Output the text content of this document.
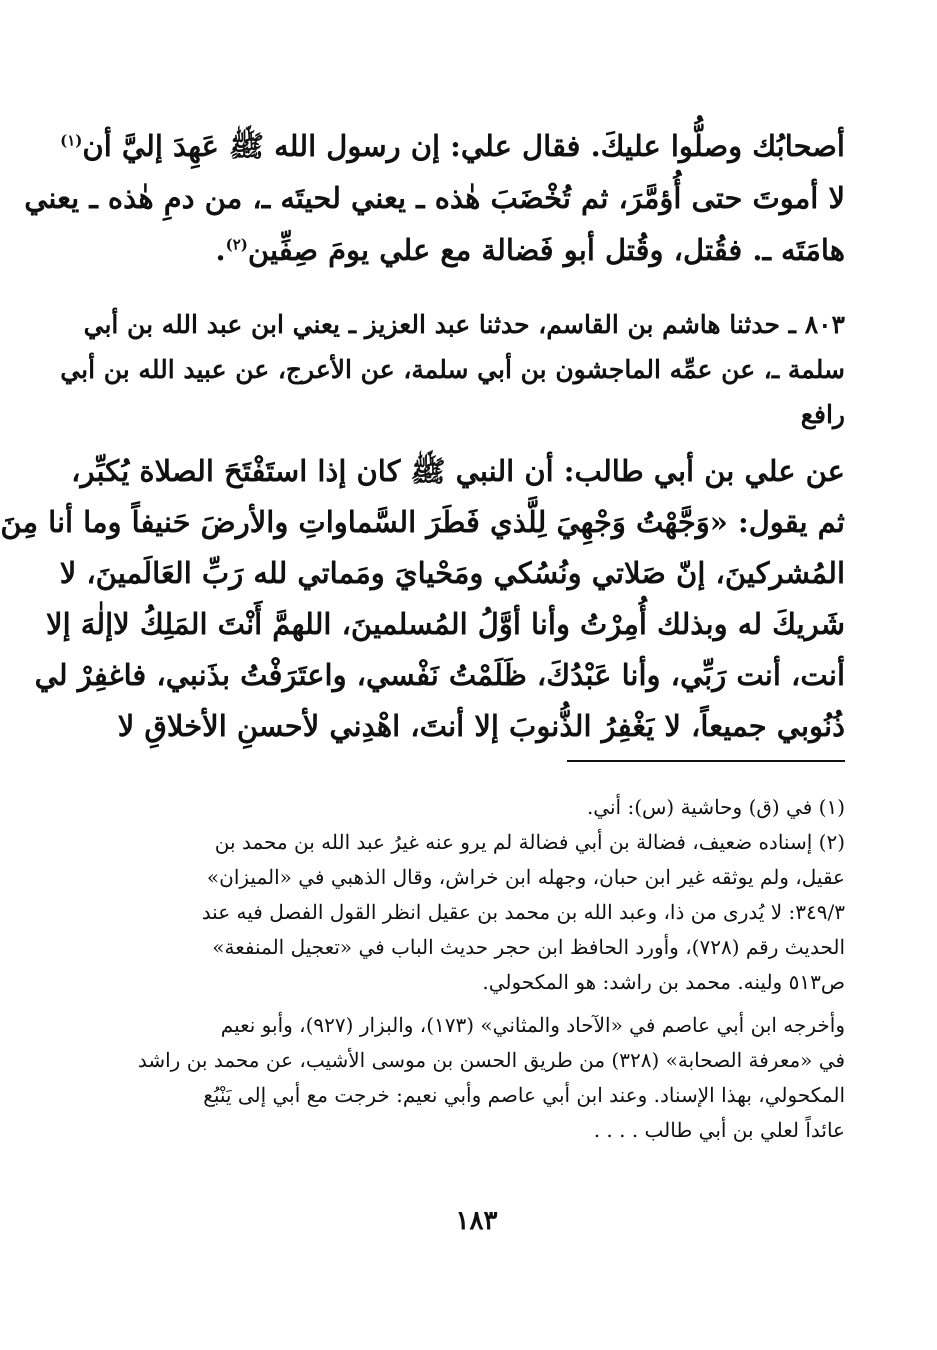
أصحابُك وصلُّوا عليكَ. فقال علي: إن رسول الله ﷺ عَهِدَ إليَّ أن$^{(١)}$
لا أموتَ حتى أُؤمَّرَ، ثم تُخْضَبَ هٰذه ـ يعني لحيتَه ـ، من دمِ هٰذه ـ يعني
هامَتَه ـ. فقُتل، وقُتل أبو فَضالة مع علي يومَ صِفِّين$^{(٢)}$.
٨٠٣ ـ حدثنا هاشم بن القاسم، حدثنا عبد العزيز ـ يعني ابن عبد الله بن أبي
سلمة ـ، عن عمِّه الماجشون بن أبي سلمة، عن الأعرج، عن عبيد الله بن أبي
رافع
عن علي بن أبي طالب: أن النبي ﷺ كان إذا استَفْتَحَ الصلاة يُكبِّر،
ثم يقول: «وَجَّهْتُ وَجْهِيَ لِلَّذي فَطَرَ السَّماواتِ والأرضَ حَنيفاً وما أنا مِنَ
المُشركينَ، إنّ صَلاتي ونُسُكي ومَحْيايَ ومَماتي لله رَبِّ العَالَمينَ، لا
شَريكَ له وبذلك أُمِرْتُ وأنا أوَّلُ المُسلمينَ، اللهمَّ أَنْتَ المَلِكُ لاإلٰهَ إلا
أنت، أنت رَبِّي، وأنا عَبْدُكَ، ظَلَمْتُ نَفْسي، واعتَرَفْتُ بذَنبي، فاغفِرْ لي
ذُنُوبي جميعاً، لا يَغْفِرُ الذُّنوبَ إلا أنتَ، اهْدِني لأحسنِ الأخلاقِ لا
(١) في (ق) وحاشية (س): أني.
(٢) إسناده ضعيف، فضالة بن أبي فضالة لم يرو عنه غيرُ عبد الله بن محمد بن
عقيل، ولم يوثقه غير ابن حبان، وجهله ابن خراش، وقال الذهبي في «الميزان»
٣٤٩/٣: لا يُدرى من ذا، وعبد الله بن محمد بن عقيل انظر القول الفصل فيه عند
الحديث رقم (٧٢٨)، وأورد الحافظ ابن حجر حديث الباب في «تعجيل المنفعة»
ص٥١٣ ولينه. محمد بن راشد: هو المكحولي.
وأخرجه ابن أبي عاصم في «الآحاد والمثاني» (١٧٣)، والبزار (٩٢٧)، وأبو نعيم
في «معرفة الصحابة» (٣٢٨) من طريق الحسن بن موسى الأشيب، عن محمد بن راشد
المكحولي، بهذا الإسناد. وعند ابن أبي عاصم وأبي نعيم: خرجت مع أبي إلى يَنْبُع
عائداً لعلي بن أبي طالب . . . .
١٨٣
